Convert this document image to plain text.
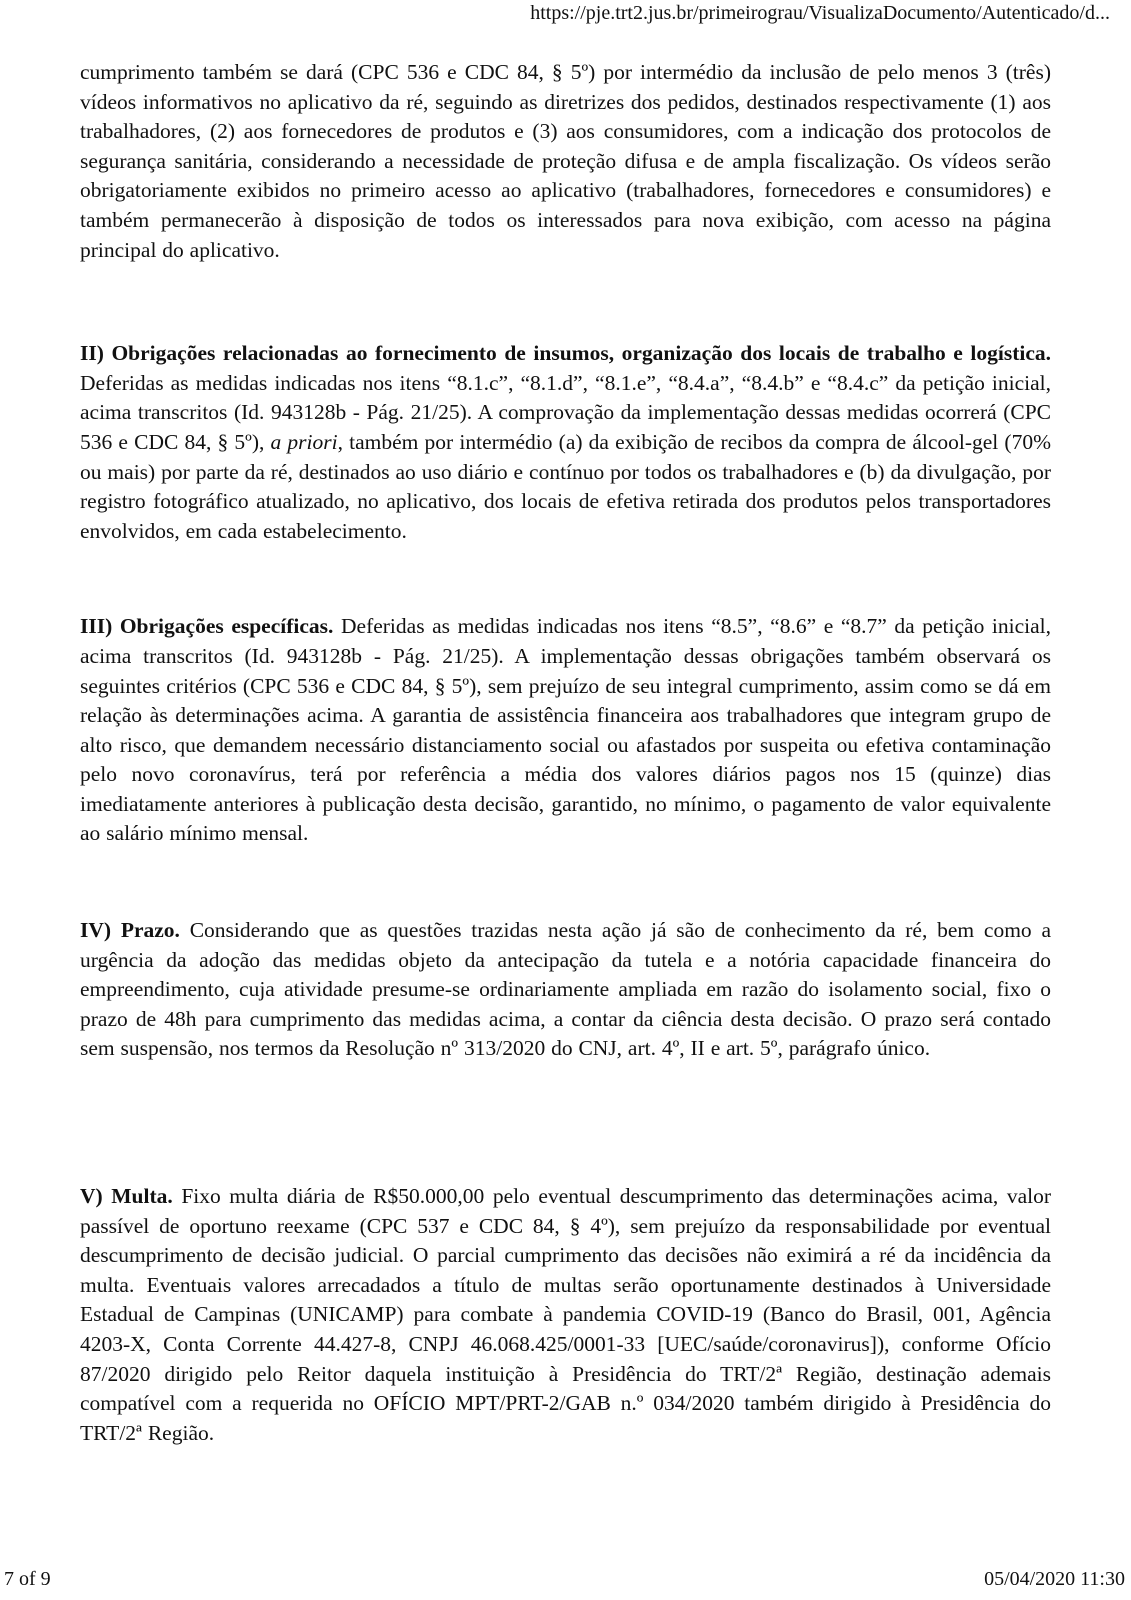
https://pje.trt2.jus.br/primeirograu/VisualizaDocumento/Autenticado/d...

cumprimento também se dará (CPC 536 e CDC 84, § 5º) por intermédio da inclusão de pelo menos 3 (três) vídeos informativos no aplicativo da ré, seguindo as diretrizes dos pedidos, destinados respectivamente (1) aos trabalhadores, (2) aos fornecedores de produtos e (3) aos consumidores, com a indicação dos protocolos de segurança sanitária, considerando a necessidade de proteção difusa e de ampla fiscalização. Os vídeos serão obrigatoriamente exibidos no primeiro acesso ao aplicativo (trabalhadores, fornecedores e consumidores) e também permanecerão à disposição de todos os interessados para nova exibição, com acesso na página principal do aplicativo.

II) Obrigações relacionadas ao fornecimento de insumos, organização dos locais de trabalho e logística. Deferidas as medidas indicadas nos itens “8.1.c”, “8.1.d”, “8.1.e”, “8.4.a”, “8.4.b” e “8.4.c” da petição inicial, acima transcritos (Id. 943128b - Pág. 21/25). A comprovação da implementação dessas medidas ocorrerá (CPC 536 e CDC 84, § 5º), a priori, também por intermédio (a) da exibição de recibos da compra de álcool-gel (70% ou mais) por parte da ré, destinados ao uso diário e contínuo por todos os trabalhadores e (b) da divulgação, por registro fotográfico atualizado, no aplicativo, dos locais de efetiva retirada dos produtos pelos transportadores envolvidos, em cada estabelecimento.

III) Obrigações específicas. Deferidas as medidas indicadas nos itens “8.5”, “8.6” e “8.7” da petição inicial, acima transcritos (Id. 943128b - Pág. 21/25). A implementação dessas obrigações também observará os seguintes critérios (CPC 536 e CDC 84, § 5º), sem prejuízo de seu integral cumprimento, assim como se dá em relação às determinações acima. A garantia de assistência financeira aos trabalhadores que integram grupo de alto risco, que demandem necessário distanciamento social ou afastados por suspeita ou efetiva contaminação pelo novo coronavírus, terá por referência a média dos valores diários pagos nos 15 (quinze) dias imediatamente anteriores à publicação desta decisão, garantido, no mínimo, o pagamento de valor equivalente ao salário mínimo mensal.

IV) Prazo. Considerando que as questões trazidas nesta ação já são de conhecimento da ré, bem como a urgência da adoção das medidas objeto da antecipação da tutela e a notória capacidade financeira do empreendimento, cuja atividade presume-se ordinariamente ampliada em razão do isolamento social, fixo o prazo de 48h para cumprimento das medidas acima, a contar da ciência desta decisão. O prazo será contado sem suspensão, nos termos da Resolução nº 313/2020 do CNJ, art. 4º, II e art. 5º, parágrafo único.

V) Multa. Fixo multa diária de R$50.000,00 pelo eventual descumprimento das determinações acima, valor passível de oportuno reexame (CPC 537 e CDC 84, § 4º), sem prejuízo da responsabilidade por eventual descumprimento de decisão judicial. O parcial cumprimento das decisões não eximirá a ré da incidência da multa. Eventuais valores arrecadados a título de multas serão oportunamente destinados à Universidade Estadual de Campinas (UNICAMP) para combate à pandemia COVID-19 (Banco do Brasil, 001, Agência 4203-X, Conta Corrente 44.427-8, CNPJ 46.068.425/0001-33 [UEC/saúde/coronavirus]), conforme Ofício 87/2020 dirigido pelo Reitor daquela instituição à Presidência do TRT/2ª Região, destinação ademais compatível com a requerida no OFÍCIO MPT/PRT-2/GAB n.º 034/2020 também dirigido à Presidência do TRT/2ª Região.

7 of 9	05/04/2020 11:30
